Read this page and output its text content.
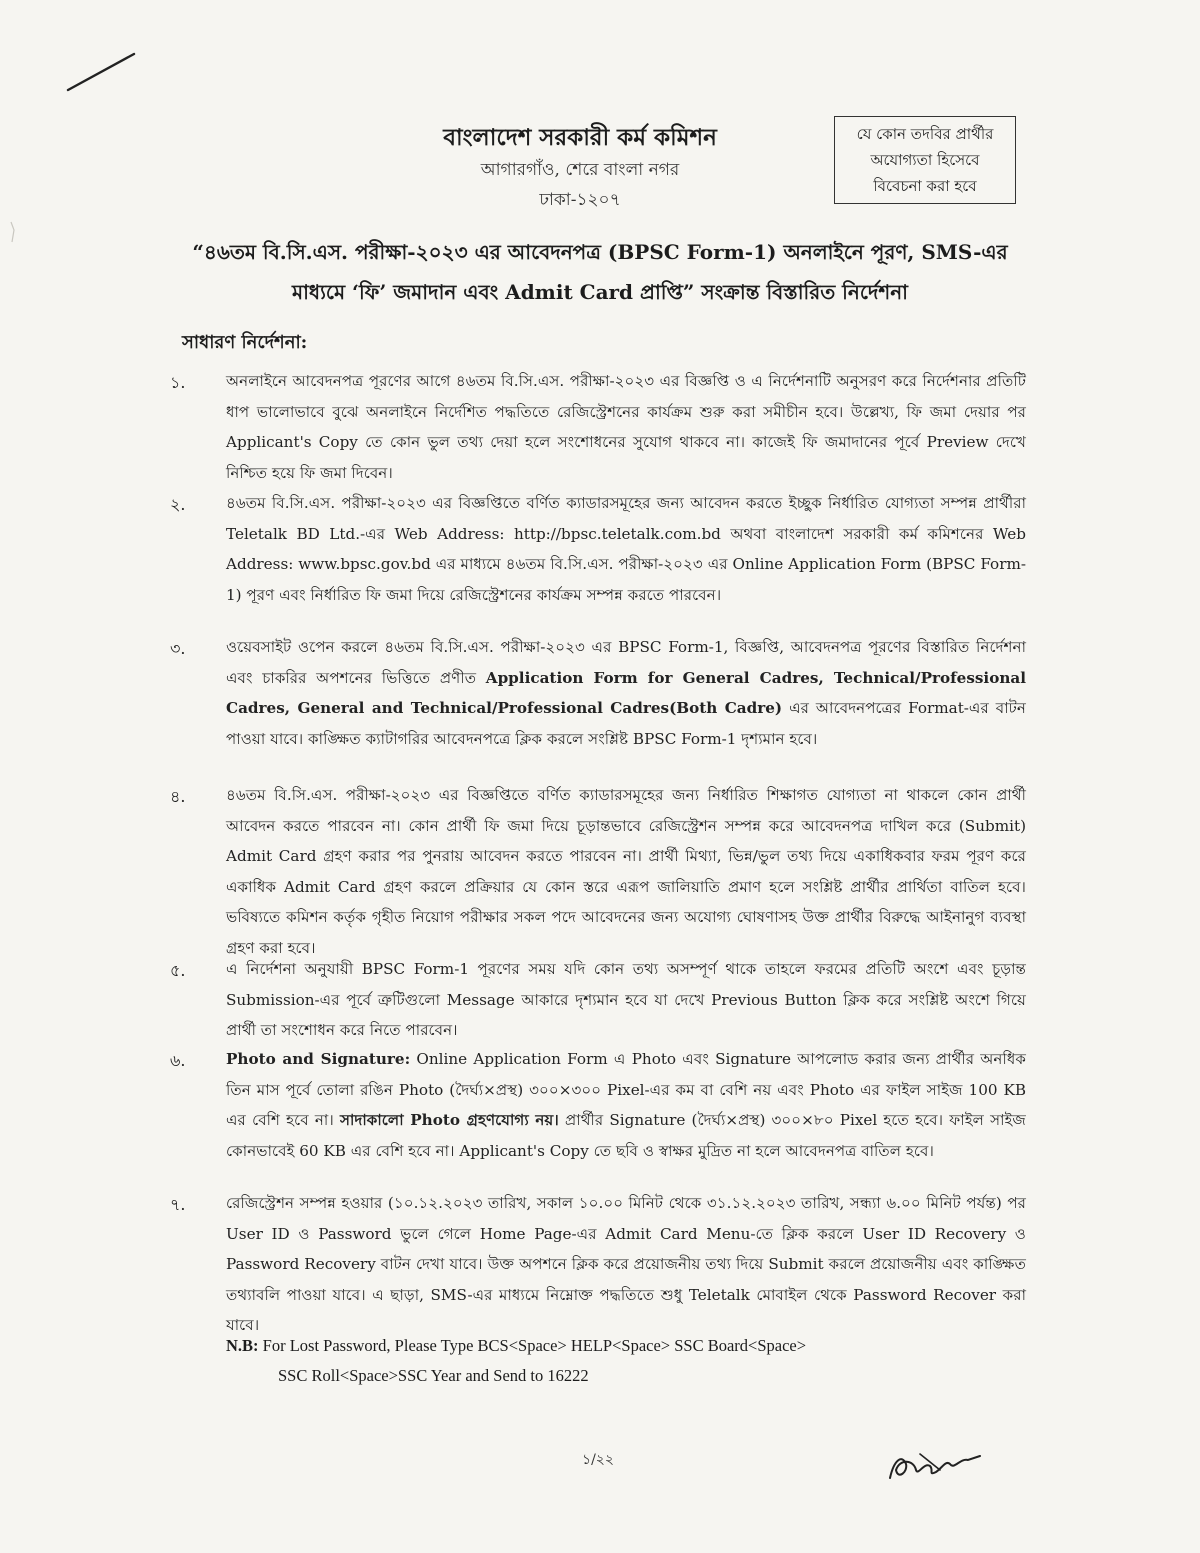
বাংলাদেশ সরকারী কর্ম কমিশন

আগারগাঁও, শেরে বাংলা নগর

ঢাকা-১২০৭

যে কোন তদবির প্রার্থীর
অযোগ্যতা হিসেবে
বিবেচনা করা হবে
“৪৬তম বি.সি.এস. পরীক্ষা-২০২৩ এর আবেদনপত্র (BPSC Form-1) অনলাইনে পূরণ, SMS-এর
মাধ্যমে ‘ফি’ জমাদান এবং Admit Card প্রাপ্তি” সংক্রান্ত বিস্তারিত নির্দেশনা

সাধারণ নির্দেশনা:

১.	অনলাইনে আবেদনপত্র পূরণের আগে ৪৬তম বি.সি.এস. পরীক্ষা-২০২৩ এর বিজ্ঞপ্তি ও এ নির্দেশনাটি অনুসরণ করে নির্দেশনার প্রতিটি ধাপ ভালোভাবে বুঝে অনলাইনে নির্দেশিত পদ্ধতিতে রেজিস্ট্রেশনের কার্যক্রম শুরু করা সমীচীন হবে। উল্লেখ্য, ফি জমা দেয়ার পর Applicant's Copy তে কোন ভুল তথ্য দেয়া হলে সংশোধনের সুযোগ থাকবে না। কাজেই ফি জমাদানের পূর্বে Preview দেখে নিশ্চিত হয়ে ফি জমা দিবেন।
২.	৪৬তম বি.সি.এস. পরীক্ষা-২০২৩ এর বিজ্ঞপ্তিতে বর্ণিত ক্যাডারসমূহের জন্য আবেদন করতে ইচ্ছুক নির্ধারিত যোগ্যতা সম্পন্ন প্রার্থীরা Teletalk BD Ltd.-এর Web Address: http://bpsc.teletalk.com.bd অথবা বাংলাদেশ সরকারী কর্ম কমিশনের Web Address: www.bpsc.gov.bd এর মাধ্যমে ৪৬তম বি.সি.এস. পরীক্ষা-২০২৩ এর Online Application Form (BPSC Form-1) পূরণ এবং নির্ধারিত ফি জমা দিয়ে রেজিস্ট্রেশনের কার্যক্রম সম্পন্ন করতে পারবেন।
৩.	ওয়েবসাইট ওপেন করলে ৪৬তম বি.সি.এস. পরীক্ষা-২০২৩ এর BPSC Form-1, বিজ্ঞপ্তি, আবেদনপত্র পূরণের বিস্তারিত নির্দেশনা এবং চাকরির অপশনের ভিত্তিতে প্রণীত Application Form for General Cadres, Technical/Professional Cadres, General and Technical/Professional Cadres(Both Cadre) এর আবেদনপত্রের Format-এর বাটন পাওয়া যাবে। কাঙ্ক্ষিত ক্যাটাগরির আবেদনপত্রে ক্লিক করলে সংশ্লিষ্ট BPSC Form-1 দৃশ্যমান হবে।
৪.	৪৬তম বি.সি.এস. পরীক্ষা-২০২৩ এর বিজ্ঞপ্তিতে বর্ণিত ক্যাডারসমূহের জন্য নির্ধারিত শিক্ষাগত যোগ্যতা না থাকলে কোন প্রার্থী আবেদন করতে পারবেন না। কোন প্রার্থী ফি জমা দিয়ে চূড়ান্তভাবে রেজিস্ট্রেশন সম্পন্ন করে আবেদনপত্র দাখিল করে (Submit) Admit Card গ্রহণ করার পর পুনরায় আবেদন করতে পারবেন না। প্রার্থী মিথ্যা, ভিন্ন/ভুল তথ্য দিয়ে একাধিকবার ফরম পূরণ করে একাধিক Admit Card গ্রহণ করলে প্রক্রিয়ার যে কোন স্তরে এরূপ জালিয়াতি প্রমাণ হলে সংশ্লিষ্ট প্রার্থীর প্রার্থিতা বাতিল হবে। ভবিষ্যতে কমিশন কর্তৃক গৃহীত নিয়োগ পরীক্ষার সকল পদে আবেদনের জন্য অযোগ্য ঘোষণাসহ উক্ত প্রার্থীর বিরুদ্ধে আইনানুগ ব্যবস্থা গ্রহণ করা হবে।
৫.	এ নির্দেশনা অনুযায়ী BPSC Form-1 পূরণের সময় যদি কোন তথ্য অসম্পূর্ণ থাকে তাহলে ফরমের প্রতিটি অংশে এবং চূড়ান্ত Submission-এর পূর্বে ত্রুটিগুলো Message আকারে দৃশ্যমান হবে যা দেখে Previous Button ক্লিক করে সংশ্লিষ্ট অংশে গিয়ে প্রার্থী তা সংশোধন করে নিতে পারবেন।
৬.	Photo and Signature: Online Application Form এ Photo এবং Signature আপলোড করার জন্য প্রার্থীর অনধিক তিন মাস পূর্বে তোলা রঙিন Photo (দৈর্ঘ্য×প্রস্থ) ৩০০×৩০০ Pixel-এর কম বা বেশি নয় এবং Photo এর ফাইল সাইজ 100 KB এর বেশি হবে না। সাদাকালো Photo গ্রহণযোগ্য নয়। প্রার্থীর Signature (দৈর্ঘ্য×প্রস্থ) ৩০০×৮০ Pixel হতে হবে। ফাইল সাইজ কোনভাবেই 60 KB এর বেশি হবে না। Applicant's Copy তে ছবি ও স্বাক্ষর মুদ্রিত না হলে আবেদনপত্র বাতিল হবে।
৭.	রেজিস্ট্রেশন সম্পন্ন হওয়ার (১০.১২.২০২৩ তারিখ, সকাল ১০.০০ মিনিট থেকে ৩১.১২.২০২৩ তারিখ, সন্ধ্যা ৬.০০ মিনিট পর্যন্ত) পর User ID ও Password ভুলে গেলে Home Page-এর Admit Card Menu-তে ক্লিক করলে User ID Recovery ও Password Recovery বাটন দেখা যাবে। উক্ত অপশনে ক্লিক করে প্রয়োজনীয় তথ্য দিয়ে Submit করলে প্রয়োজনীয় এবং কাঙ্ক্ষিত তথ্যাবলি পাওয়া যাবে। এ ছাড়া, SMS-এর মাধ্যমে নিম্নোক্ত পদ্ধতিতে শুধু Teletalk মোবাইল থেকে Password Recover করা যাবে।
N.B: For Lost Password, Please Type BCS<Space> HELP<Space> SSC Board<Space>
SSC Roll<Space>SSC Year and Send to 16222
১/২২
